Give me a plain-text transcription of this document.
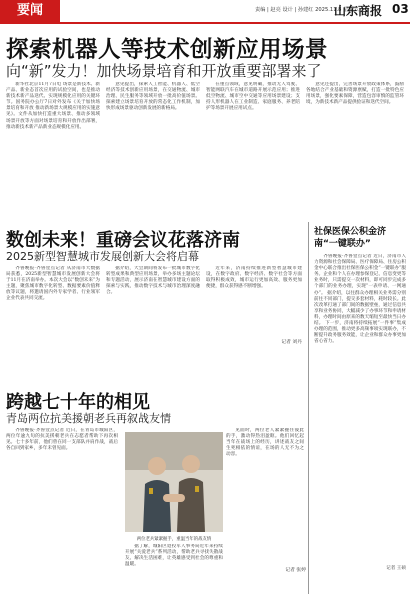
要闻	责编 | 赵亮 设计 | 孙建红 2025.11.8 星期六
山东商报 03
探索机器人等技术创新应用场景
向“新”发力！加快场景培育和开放重要部署来了

新华社北京11月7日电 场景是新技术、新产品、新业态首次应用的试验空间，也是推动新技术新产品迭代、实现规模化应用的关键环节。国务院办公厅7日对外发布《关于加快场景培育和开放 推动新场景大规模应用的实施意见》。文件从加快打造重大场景、推动多领域场景开放等方面对场景培育和开放作出部署，推动新技术新产品新业态规模化应用。

意见提出，探索人工智能、机器人、低空经济等技术创新应用场景，在交通物流、城市治理、民生服务等领域开放一批高价值场景。探索建立场景培育开放的常态化工作机制，加快形成场景驱动创新发展的新格局。

在重点领域，意见明确，推动无人驾驶、智能网联汽车在城市道路开展示范应用；推进低空物流、城市空中交通等应用场景建设；支持人形机器人在工业制造、家庭服务、养老陪护等场景开展应用试点。

意见还提出，完善场景开放政策体系，鼓励各地结合产业基础和资源禀赋，打造一批特色应用场景，强化要素保障，营造包容审慎的监管环境，为新技术新产品提供验证和迭代空间。

数创未来！重磅会议花落济南
2025新型智慧城市发展创新大会将启幕

齐鲁晚报·齐鲁壹点记者 从济南市大数据局获悉，2025新型智慧城市发展创新大会将于11月在济南举办。本次大会以“数创未来”为主题，聚焦城市数字化转型、数据要素价值释放等议题，将邀请国内外专家学者、行业领军企业代表共同交流。

据介绍，大会期间将发布一批城市数字化转型成果和典型应用场景，举办多场主题论坛和专题活动，展示济南在智慧城市建设方面的探索与实践，推动数字技术与城市治理深度融合。

近年来，济南持续推进新型智慧城市建设，在数字政府、数字经济、数字社会等方面取得积极成效，城市运行更加高效、服务更加便捷，群众获得感不断增强。

记者 刘丹
跨越七十年的相见
青岛两位抗美援朝老兵再叙战友情

齐鲁晚报·齐鲁壹点记者 近日，在青岛市城阳区，两位年逾九旬的抗美援朝老兵在志愿者帮助下再次相见。七十多年前，他们曾在同一支部队并肩作战，战后各自回到家乡，多年未曾见面。

见面时，两位老人紧紧握住彼此的手，激动得热泪盈眶。他们回忆起当年在战场上的经历，讲述战友之间生死相依的情谊，在场的人无不为之动容。

两位老兵紧紧握手，重温当年的战友情

据了解，城阳区退役军人事务局近年来持续开展“关爱老兵”系列活动，帮助老兵寻找失散战友、解决生活困难，让英雄感受到社会的尊重和温暖。

记者 张婷
社保医保公积金济南“一键联办”

齐鲁晚报·齐鲁壹点记者 近日，济南市人力资源和社会保障局、医疗保障局、住房公积金中心联合推出社保医保公积金“一键联办”服务。企业和个人在办理参保登记、信息变更等业务时，只需提交一次材料，即可同步完成多个部门的业务办理，实现“一表申请、一网通办”。 据介绍，以往群众办理相关业务需分别前往不同部门，提交多套材料，耗时较长。此次改革打通了部门间的数据壁垒，通过信息共享和业务协同，大幅减少了办事环节和申请材料，办理时间由原来的数天缩短至最快当日办结。 下一步，济南将持续拓展“一件事”集成办理的范围，推动更多高频事项实现联办，不断提升政务服务效能，让企业和群众办事更加省心省力。

记者 王硕
